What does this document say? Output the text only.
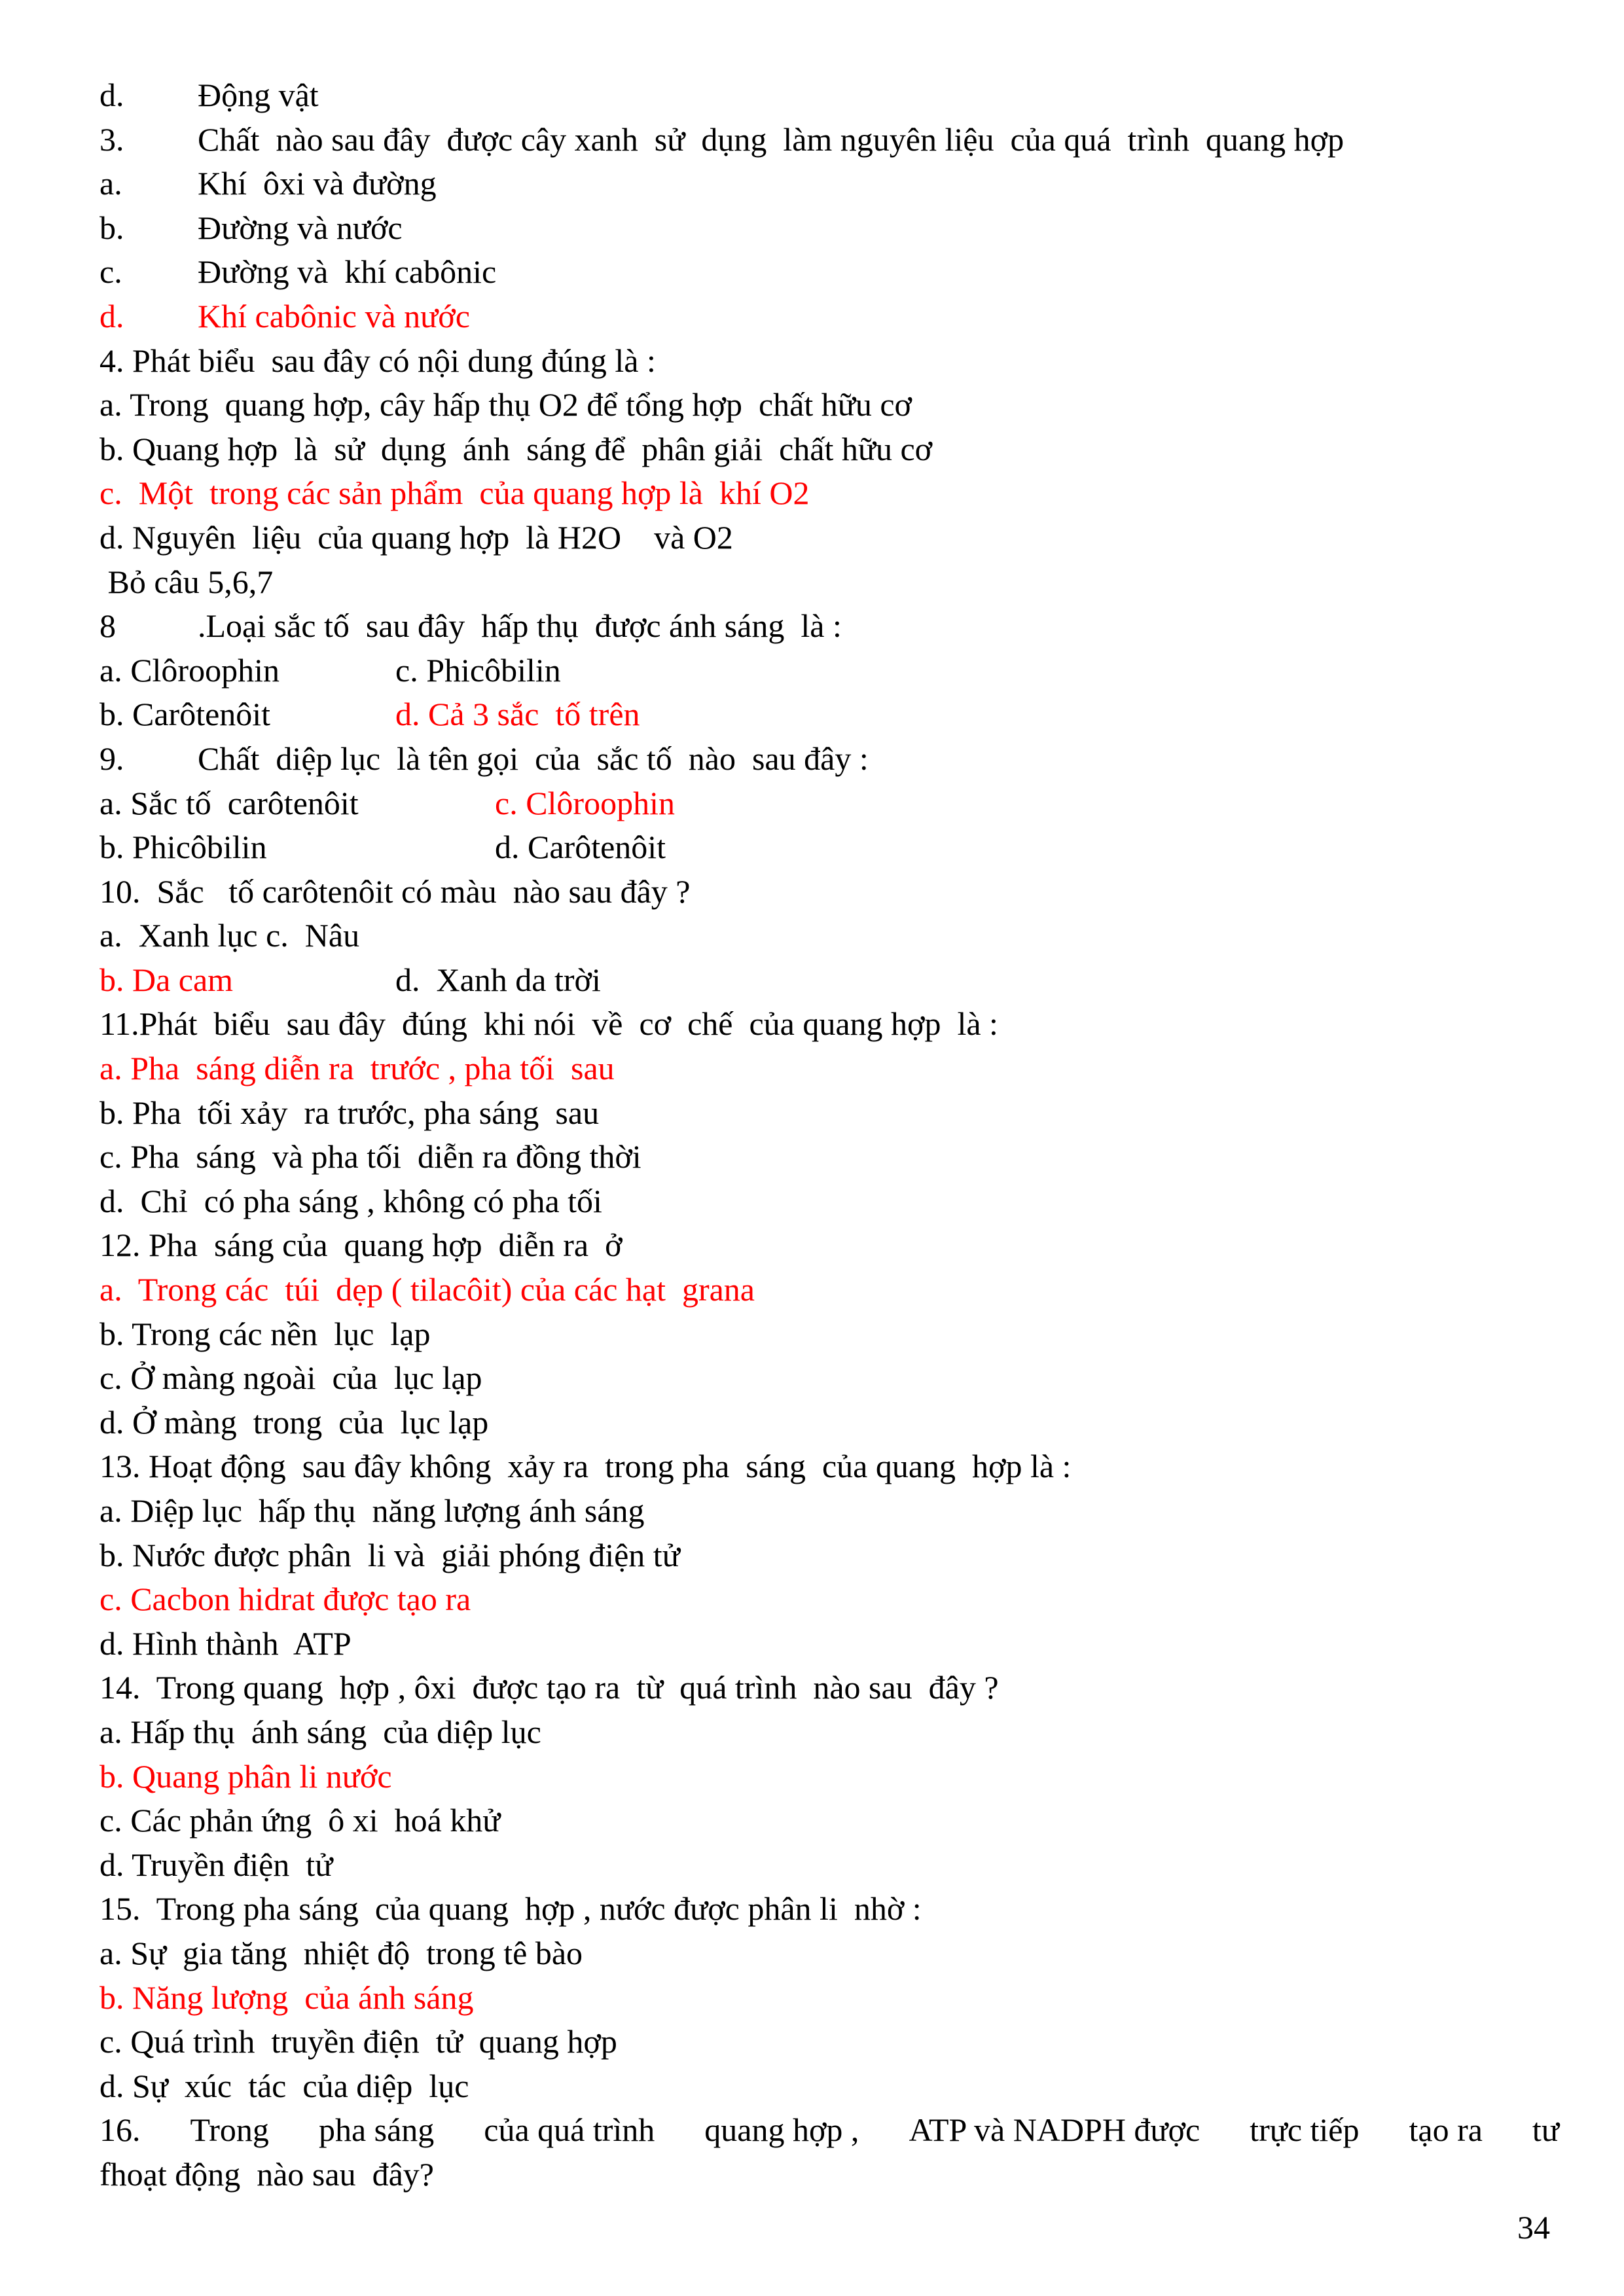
d.	Động vật
3.	Chất  nào sau đây  được cây xanh  sử  dụng  làm nguyên liệu  của quá  trình  quang hợp
a.	Khí  ôxi và đường
b.	Đường và nước
c.	Đường và  khí cabônic
d.	Khí cabônic và nước
4. Phát biểu  sau đây có nội dung đúng là :
a. Trong  quang hợp, cây hấp thụ O2 để tổng hợp  chất hữu cơ
b. Quang hợp  là  sử  dụng  ánh  sáng để  phân giải  chất hữu cơ
c.  Một  trong các sản phẩm  của quang hợp là  khí O2
d. Nguyên  liệu  của quang hợp  là H2O    và O2
Bỏ câu 5,6,7
8	.Loại sắc tố  sau đây  hấp thụ  được ánh sáng  là :
a. Clôroophin	c. Phicôbilin
b. Carôtenôit	d. Cả 3 sắc  tố trên
9.	Chất  diệp lục  là tên gọi  của  sắc tố  nào  sau đây :
a. Sắc tố  carôtenôit	c. Clôroophin
b. Phicôbilin	d. Carôtenôit
10.  Sắc   tố carôtenôit có màu  nào sau đây ?
a.  Xanh lục c.  Nâu
b. Da cam	d.  Xanh da trời
11.Phát  biểu  sau đây  đúng  khi nói  về  cơ  chế  của quang hợp  là :
a. Pha  sáng diễn ra  trước , pha tối  sau
b. Pha  tối xảy  ra trước, pha sáng  sau
c. Pha  sáng  và pha tối  diễn ra đồng thời
d.  Chỉ  có pha sáng , không có pha tối
12. Pha  sáng của  quang hợp  diễn ra  ở
a.  Trong các  túi  dẹp ( tilacôit) của các hạt  grana
b. Trong các nền  lục  lạp
c. Ở màng ngoài  của  lục lạp
d. Ở màng  trong  của  lục lạp
13. Hoạt động  sau đây không  xảy ra  trong pha  sáng  của quang  hợp là :
a. Diệp lục  hấp thụ  năng lượng ánh sáng
b. Nước được phân  li và  giải phóng điện tử
c. Cacbon hidrat được tạo ra
d. Hình thành  ATP
14.  Trong quang  hợp , ôxi  được tạo ra  từ  quá trình  nào sau  đây ?
a. Hấp thụ  ánh sáng  của diệp lục
b. Quang phân li nước
c. Các phản ứng  ô xi  hoá khử
d. Truyền điện  tử
15.  Trong pha sáng  của quang  hợp , nước được phân li  nhờ :
a. Sự  gia tăng  nhiệt độ  trong tê bào
b. Năng lượng  của ánh sáng
c. Quá trình  truyền điện  tử  quang hợp
d. Sự  xúc  tác  của diệp  lục
16. Trong pha sáng của quá trình quang hợp , ATP và NADPH được trực tiếp tạo ra tư
fhoạt động  nào sau  đây?
34
